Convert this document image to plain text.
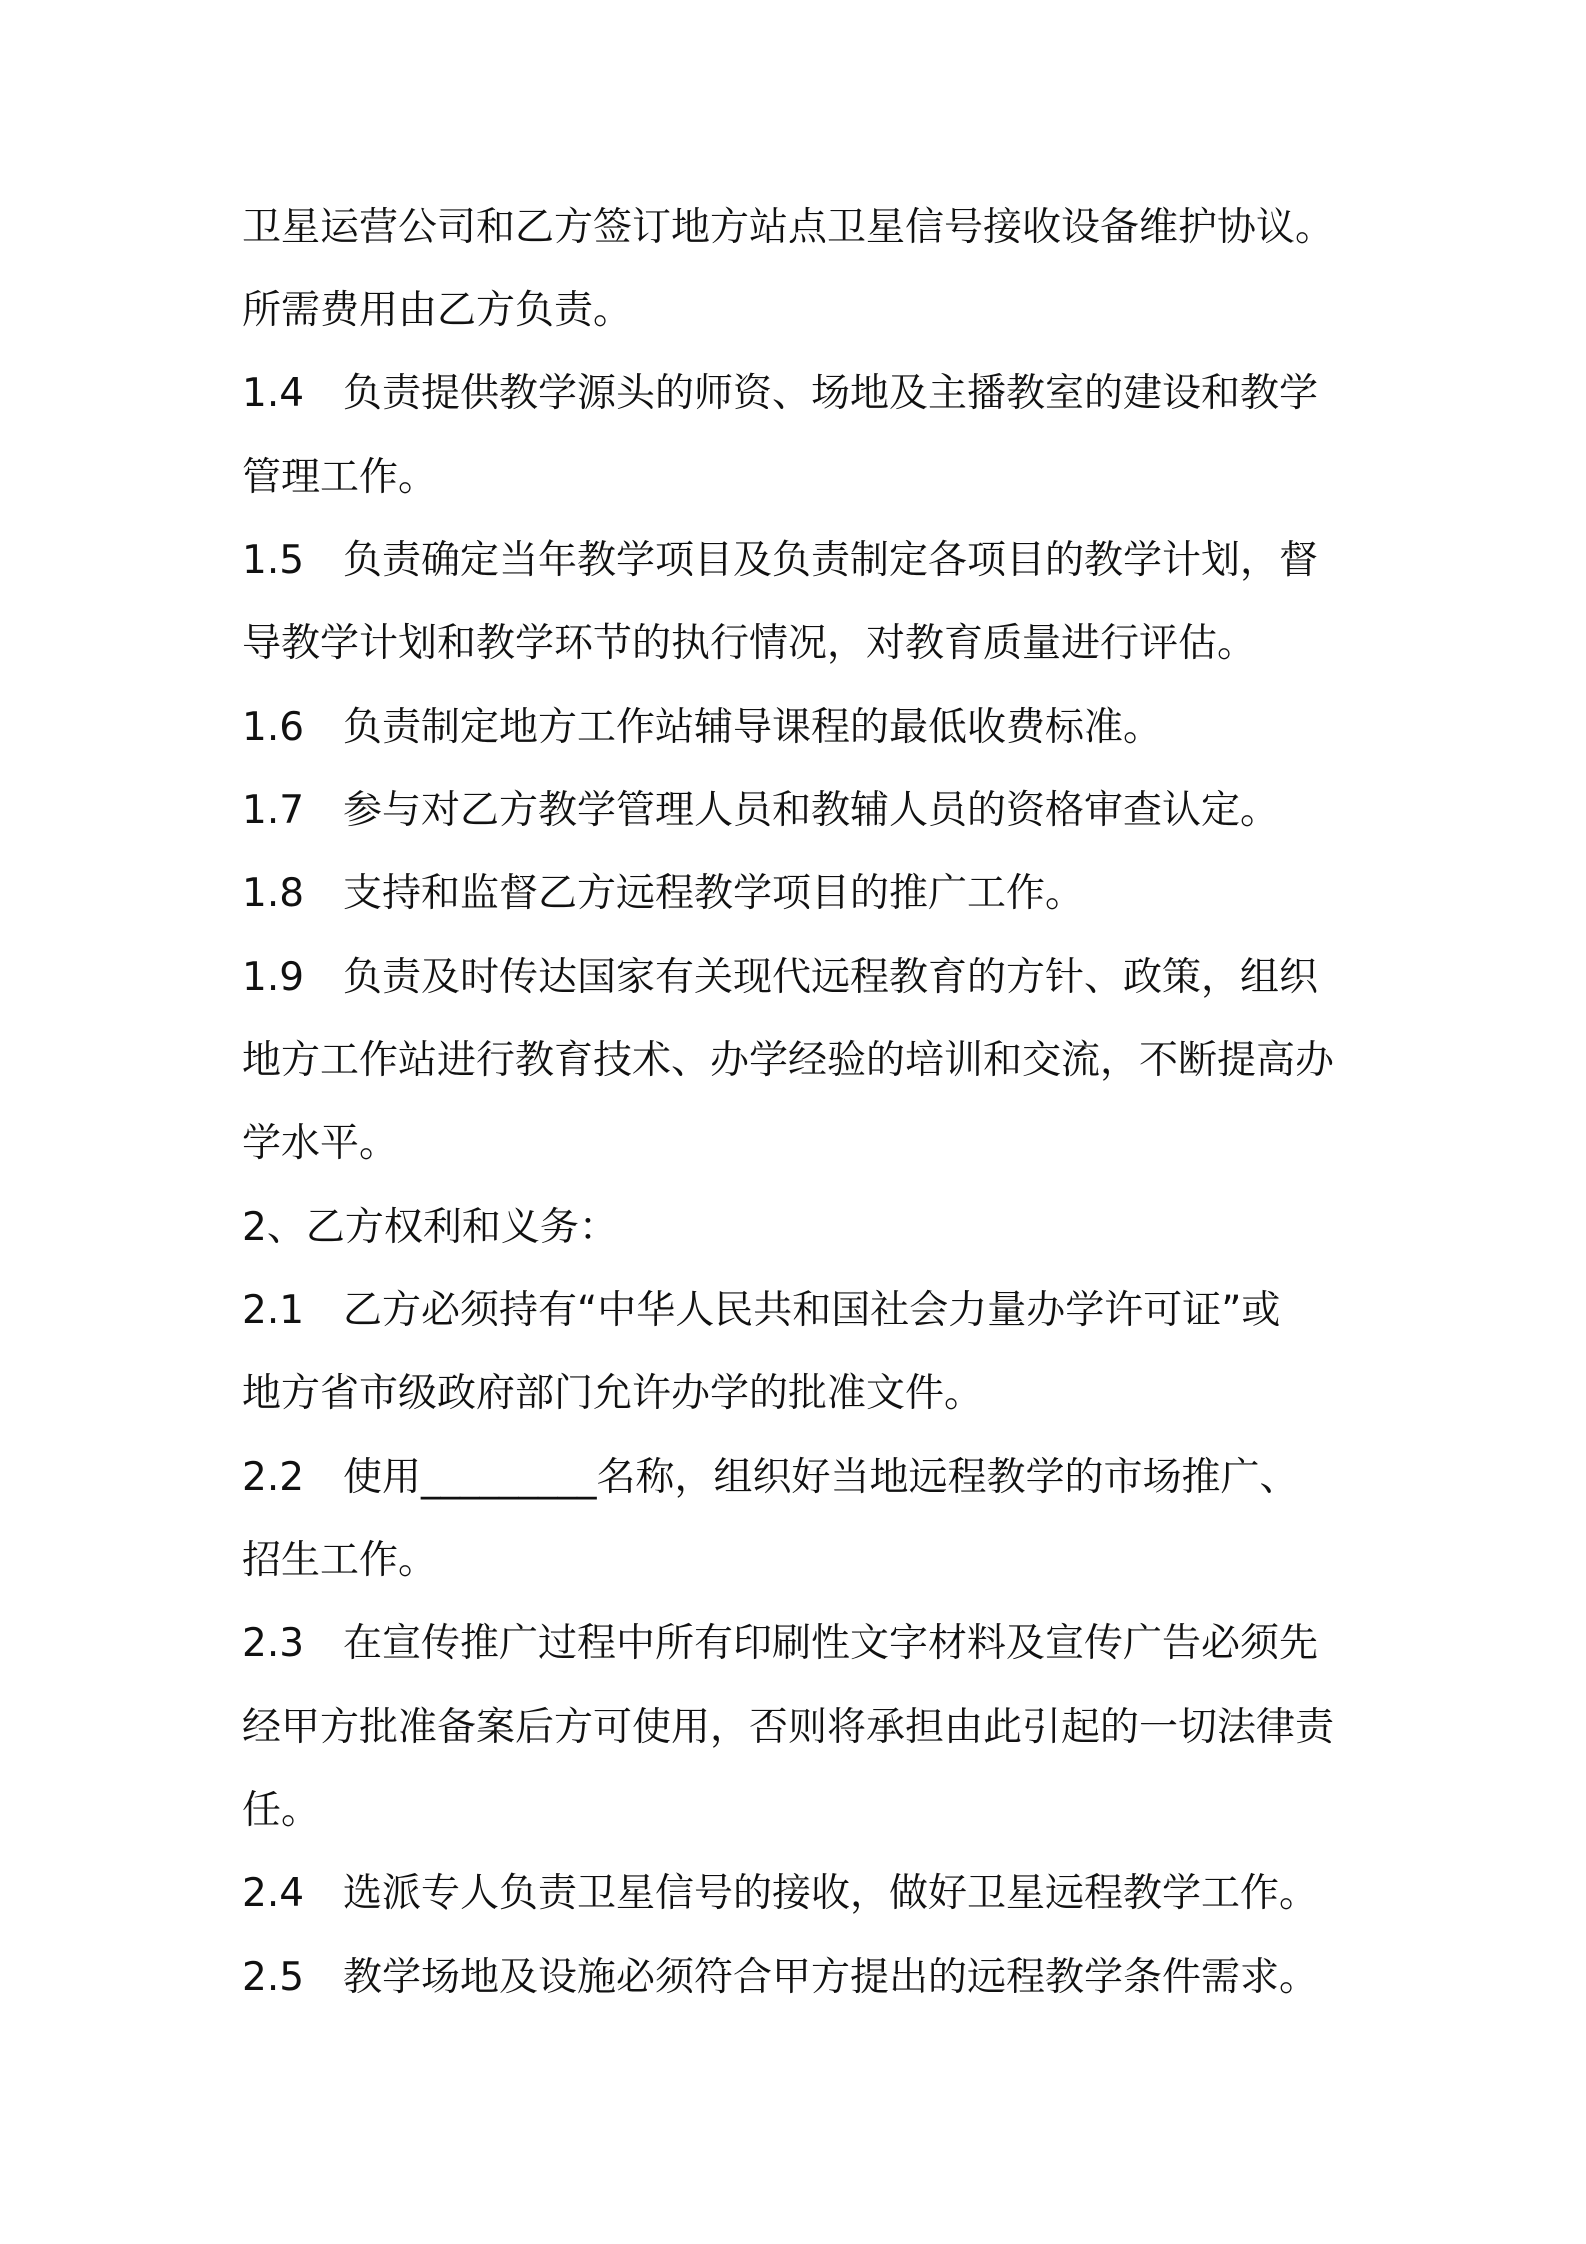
卫星运营公司和乙方签订地方站点卫星信号接收设备维护协议。
所需费用由乙方负责。
1.4　负责提供教学源头的师资、场地及主播教室的建设和教学
管理工作。
1.5　负责确定当年教学项目及负责制定各项目的教学计划，督
导教学计划和教学环节的执行情况，对教育质量进行评估。
1.6　负责制定地方工作站辅导课程的最低收费标准。
1.7　参与对乙方教学管理人员和教辅人员的资格审查认定。
1.8　支持和监督乙方远程教学项目的推广工作。
1.9　负责及时传达国家有关现代远程教育的方针、政策，组织
地方工作站进行教育技术、办学经验的培训和交流，不断提高办
学水平。
2、乙方权利和义务：
2.1　乙方必须持有“中华人民共和国社会力量办学许可证”或
地方省市级政府部门允许办学的批准文件。
2.2　使用_________名称，组织好当地远程教学的市场推广、
招生工作。
2.3　在宣传推广过程中所有印刷性文字材料及宣传广告必须先
经甲方批准备案后方可使用，否则将承担由此引起的一切法律责
任。
2.4　选派专人负责卫星信号的接收，做好卫星远程教学工作。
2.5　教学场地及设施必须符合甲方提出的远程教学条件需求。
